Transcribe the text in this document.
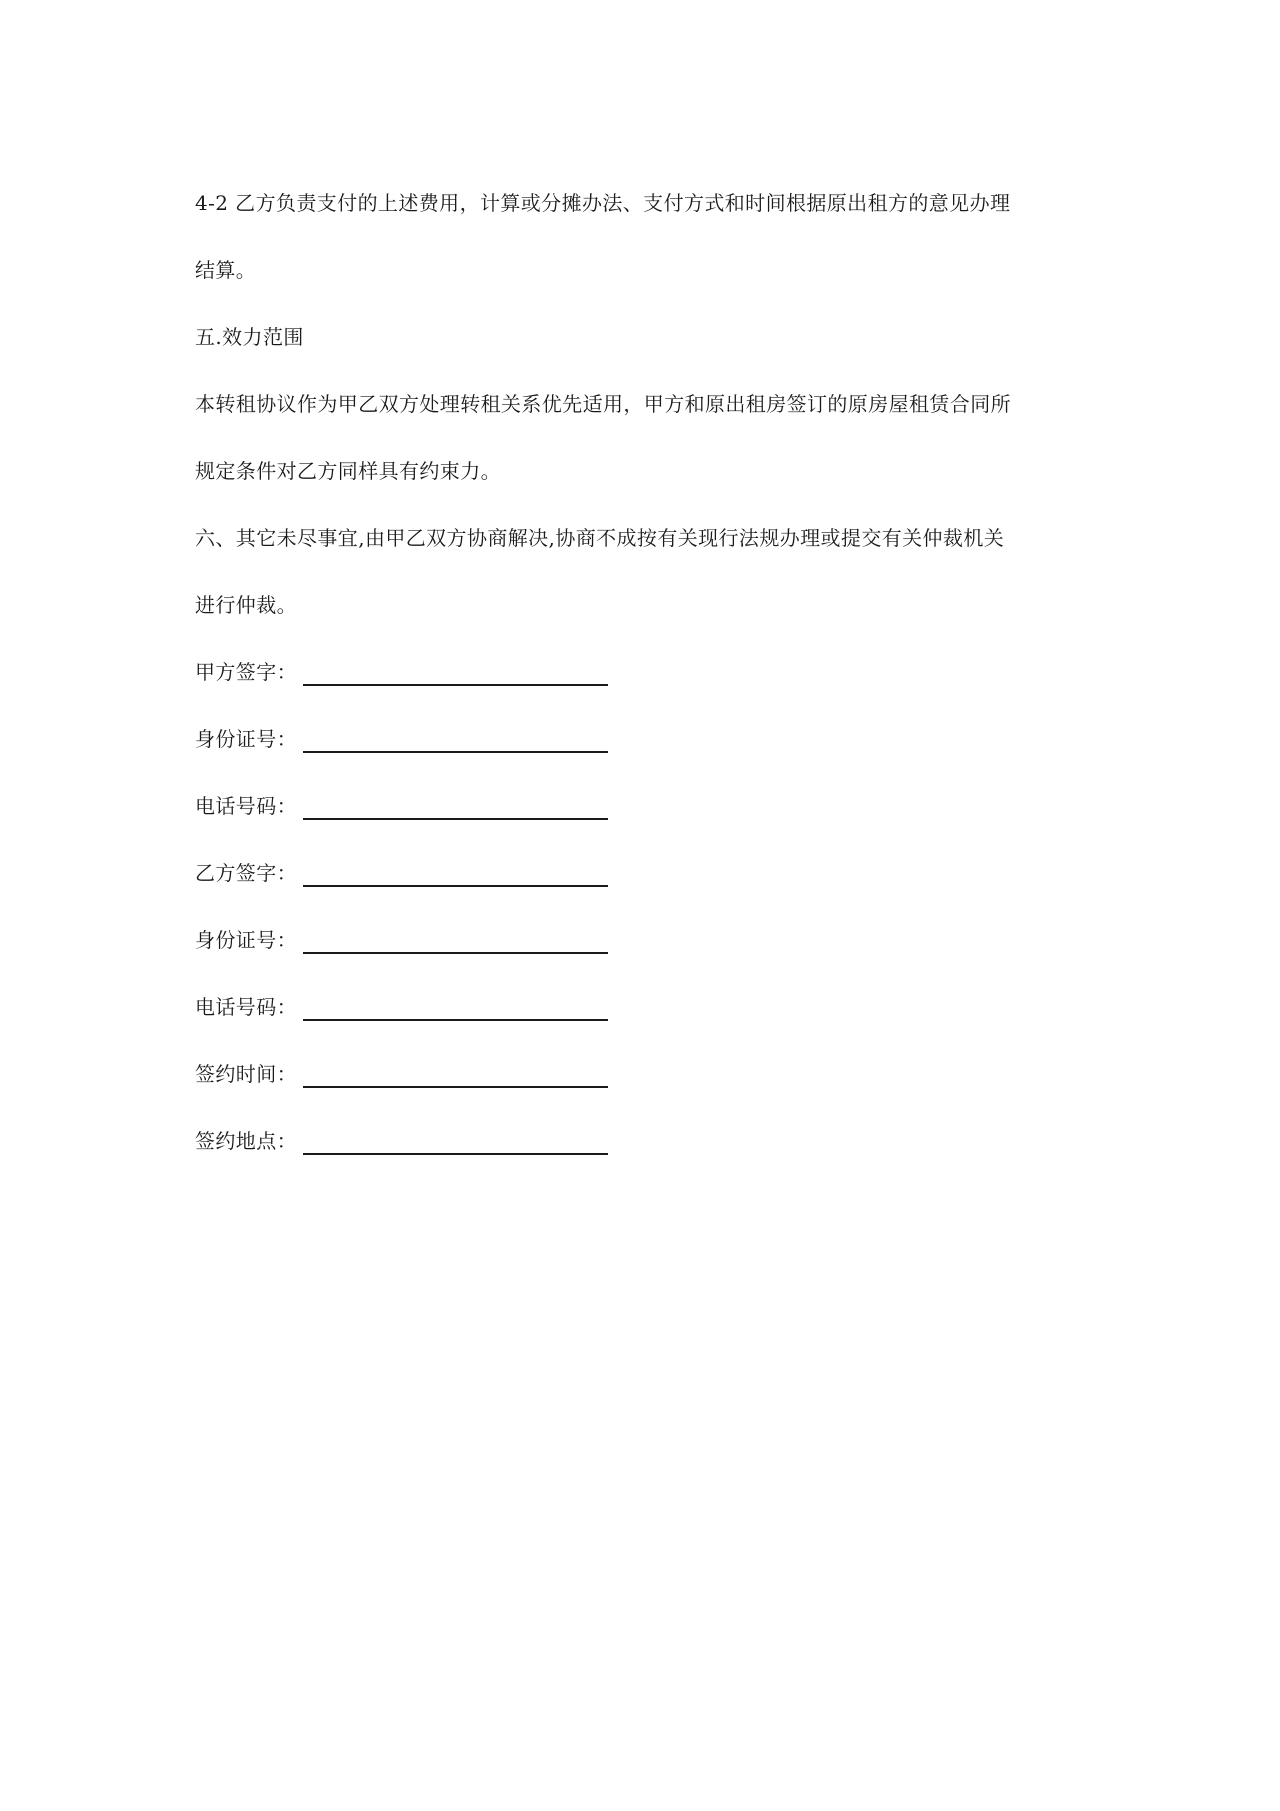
4-2 乙方负责支付的上述费用，计算或分摊办法、支付方式和时间根据原出租方的意见办理
结算。
五.效力范围
本转租协议作为甲乙双方处理转租关系优先适用，甲方和原出租房签订的原房屋租赁合同所
规定条件对乙方同样具有约束力。
六、其它未尽事宜,由甲乙双方协商解决,协商不成按有关现行法规办理或提交有关仲裁机关
进行仲裁。
甲方签字：
身份证号：
电话号码：
乙方签字：
身份证号：
电话号码：
签约时间：
签约地点：
